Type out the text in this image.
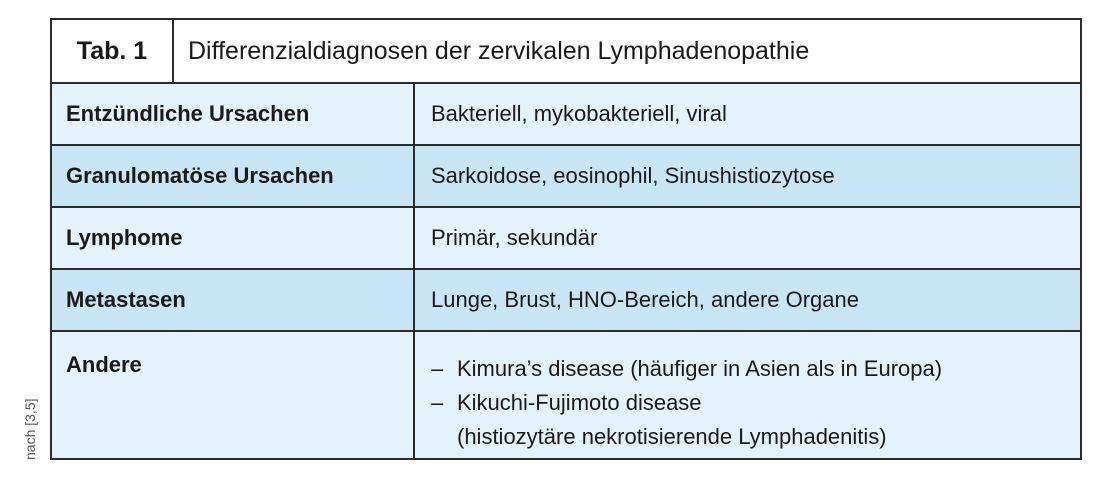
nach [3,5]
Tab. 1	Differenzialdiagnosen der zervikalen Lymphadenopathie
Entzündliche Ursachen	Bakteriell, mykobakteriell, viral
Granulomatöse Ursachen	Sarkoidose, eosinophil, Sinushistiozytose
Lymphome	Primär, sekundär
Metastasen	Lunge, Brust, HNO-Bereich, andere Organe
Andere	– Kimura’s disease (häufiger in Asien als in Europa)
– Kikuchi-Fujimoto disease
(histiozytäre nekrotisierende Lymphadenitis)
